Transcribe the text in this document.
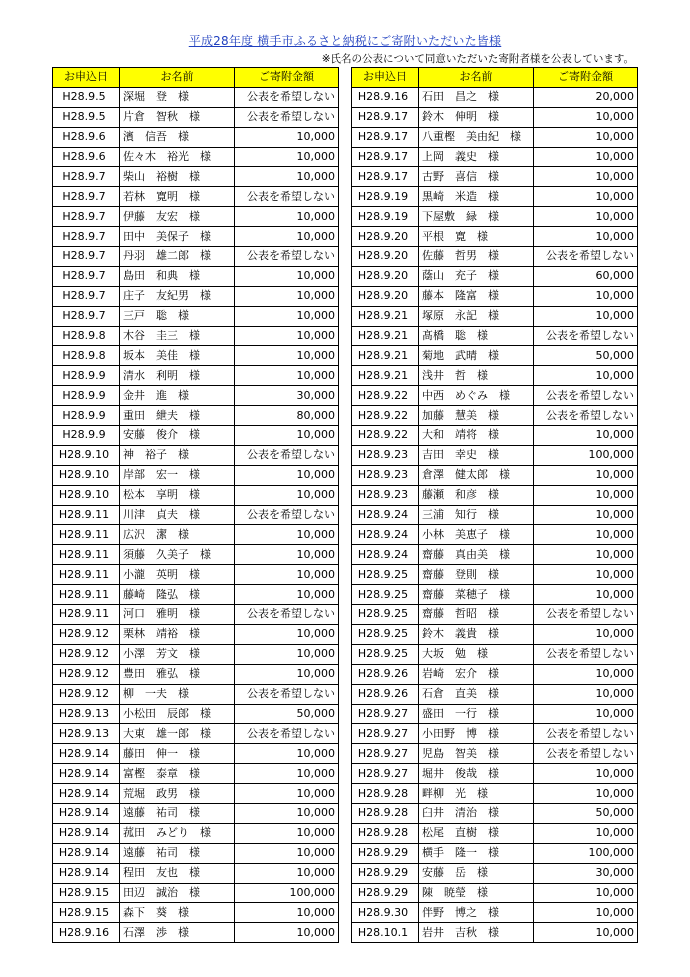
平成28年度 横手市ふるさと納税にご寄附いただいた皆様
※氏名の公表について同意いただいた寄附者様を公表しています。
お申込日	お名前	ご寄附金額
H28.9.5	深堀　登　様	公表を希望しない
H28.9.5	片倉　智秋　様	公表を希望しない
H28.9.6	濱　信吾　様	10,000
H28.9.6	佐々木　裕光　様	10,000
H28.9.7	柴山　裕樹　様	10,000
H28.9.7	若林　寛明　様	公表を希望しない
H28.9.7	伊藤　友宏　様	10,000
H28.9.7	田中　美保子　様	10,000
H28.9.7	丹羽　雄二郎　様	公表を希望しない
H28.9.7	島田　和典　様	10,000
H28.9.7	庄子　友紀男　様	10,000
H28.9.7	三戸　聡　様	10,000
H28.9.8	木谷　圭三　様	10,000
H28.9.8	坂本　美佳　様	10,000
H28.9.9	清水　利明　様	10,000
H28.9.9	金井　進　様	30,000
H28.9.9	重田　紲夫　様	80,000
H28.9.9	安藤　俊介　様	10,000
H28.9.10	神　裕子　様	公表を希望しない
H28.9.10	岸部　宏一　様	10,000
H28.9.10	松本　享明　様	10,000
H28.9.11	川津　貞夫　様	公表を希望しない
H28.9.11	広沢　潔　様	10,000
H28.9.11	須藤　久美子　様	10,000
H28.9.11	小瀧　英明　様	10,000
H28.9.11	藤崎　隆弘　様	10,000
H28.9.11	河口　雅明　様	公表を希望しない
H28.9.12	栗林　靖裕　様	10,000
H28.9.12	小澤　芳文　様	10,000
H28.9.12	豊田　雅弘　様	10,000
H28.9.12	柳　一夫　様	公表を希望しない
H28.9.13	小松田　辰郎　様	50,000
H28.9.13	大東　雄一郎　様	公表を希望しない
H28.9.14	藤田　伸一　様	10,000
H28.9.14	富樫　泰章　様	10,000
H28.9.14	荒堀　政男　様	10,000
H28.9.14	遠藤　祐司　様	10,000
H28.9.14	菰田　みどり　様	10,000
H28.9.14	遠藤　祐司　様	10,000
H28.9.14	程田　友也　様	10,000
H28.9.15	田辺　誠治　様	100,000
H28.9.15	森下　葵　様	10,000
H28.9.16	石澤　渉　様	10,000
お申込日	お名前	ご寄附金額
H28.9.16	石田　昌之　様	20,000
H28.9.17	鈴木　伸明　様	10,000
H28.9.17	八重樫　美由紀　様	10,000
H28.9.17	上岡　義史　様	10,000
H28.9.17	古野　喜信　様	10,000
H28.9.19	黒崎　米造　様	10,000
H28.9.19	下屋敷　緑　様	10,000
H28.9.20	平根　寛　様	10,000
H28.9.20	佐藤　哲男　様	公表を希望しない
H28.9.20	蔭山　充子　様	60,000
H28.9.20	藤本　隆富　様	10,000
H28.9.21	塚原　永記　様	10,000
H28.9.21	髙橋　聡　様	公表を希望しない
H28.9.21	菊地　武晴　様	50,000
H28.9.21	浅井　哲　様	10,000
H28.9.22	中西　めぐみ　様	公表を希望しない
H28.9.22	加藤　慧美　様	公表を希望しない
H28.9.22	大和　靖将　様	10,000
H28.9.23	吉田　幸史　様	100,000
H28.9.23	倉澤　健太郎　様	10,000
H28.9.23	藤瀬　和彦　様	10,000
H28.9.24	三浦　知行　様	10,000
H28.9.24	小林　美恵子　様	10,000
H28.9.24	齋藤　真由美　様	10,000
H28.9.25	齋藤　登則　様	10,000
H28.9.25	齋藤　菜穂子　様	10,000
H28.9.25	齋藤　哲昭　様	公表を希望しない
H28.9.25	鈴木　義貴　様	10,000
H28.9.25	大坂　勉　様	公表を希望しない
H28.9.26	岩崎　宏介　様	10,000
H28.9.26	石倉　直美　様	10,000
H28.9.27	盛田　一行　様	10,000
H28.9.27	小田野　博　様	公表を希望しない
H28.9.27	児島　智美　様	公表を希望しない
H28.9.27	堀井　俊哉　様	10,000
H28.9.28	畔柳　光　様	10,000
H28.9.28	臼井　清治　様	50,000
H28.9.28	松尾　直樹　様	10,000
H28.9.29	横手　隆一　様	100,000
H28.9.29	安藤　岳　様	30,000
H28.9.29	陳　暁瑩　様	10,000
H28.9.30	伴野　博之　様	10,000
H28.10.1	岩井　吉秋　様	10,000
